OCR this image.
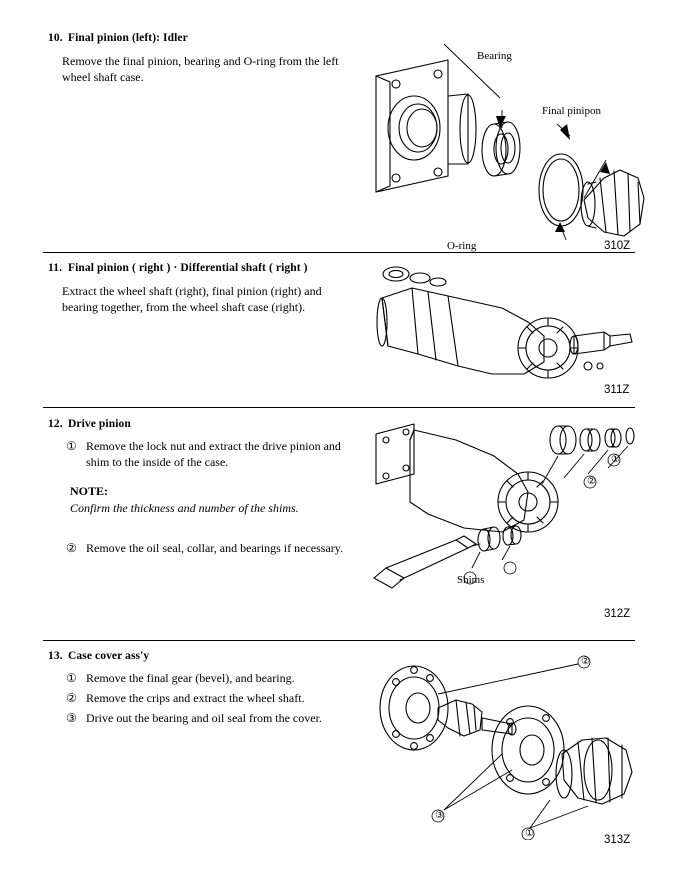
10. Final pinion (left): Idler
Remove the final pinion, bearing and O-ring from the left wheel shaft case.
Bearing
Final pinipon
O-ring	310Z
11. Final pinion ( right ) · Differential shaft ( right )
Extract the wheel shaft (right), final pinion (right) and bearing together, from the wheel shaft case (right).
311Z
12. Drive pinion
① Remove the lock nut and extract the drive pinion and shim to the inside of the case.
NOTE:
Confirm the thickness and number of the shims.
② Remove the oil seal, collar, and bearings if necessary.
Shims
①
②
312Z
13. Case cover ass'y
① Remove the final gear (bevel), and bearing.
② Remove the crips and extract the wheel shaft.
③ Drive out the bearing and oil seal from the cover.
②
③
①
313Z
